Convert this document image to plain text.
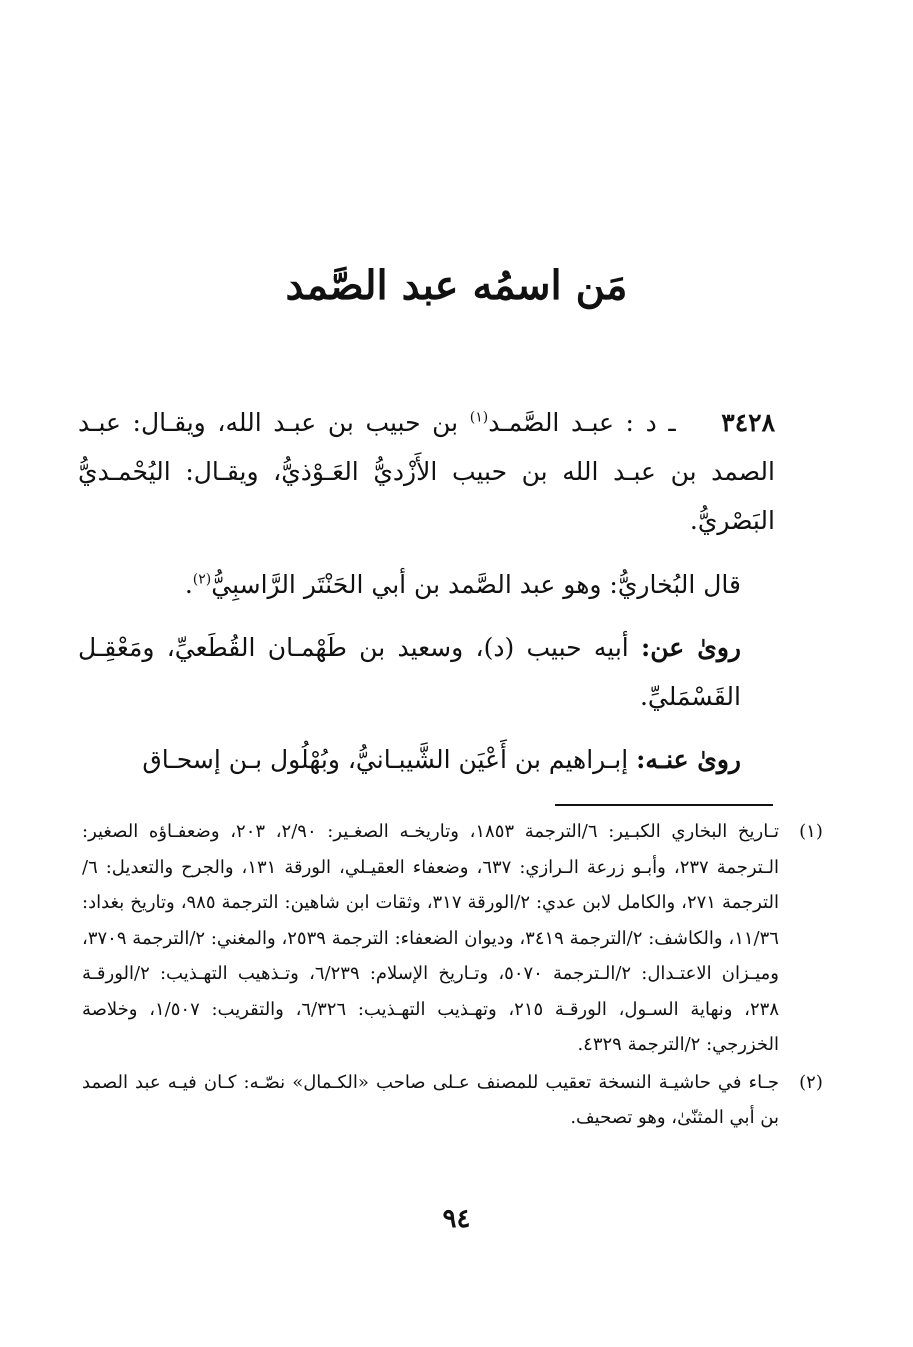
مَن اسمُه عبد الصَّمد

٣٤٢٨ ـ د : عبـد الصَّمـد$^{(١)}$ بن حبيب بن عبـد الله، ويقـال: عبـد الصمد بن عبـد الله بن حبيب الأَزْديُّ العَـوْذيُّ، ويقـال: اليُحْمـديُّ البَصْريُّ.

قال البُخاريُّ: وهو عبد الصَّمد بن أبي الحَنْتَر الرَّاسبِيُّ$^{(٢)}$.

روىٰ عن: أبيه حبيب (د)، وسعيد بن طَهْمـان القُطَعيِّ، ومَعْقِـل القَسْمَليِّ.

روىٰ عنـه: إبـراهيم بن أَعْيَن الشَّيبـانيُّ، وبُهْلُول بـن إسحـاق

(١)
تـاريخ البخاري الكبـير: ٦/الترجمة ١٨٥٣، وتاريخـه الصغـير: ٢/٩٠، ٢٠٣، وضعفـاؤه الصغير: الـترجمة ٢٣٧، وأبـو زرعة الـرازي: ٦٣٧، وضعفاء العقيـلي، الورقة ١٣١، والجرح والتعديل: ٦/الترجمة ٢٧١، والكامل لابن عدي: ٢/الورقة ٣١٧، وثقات ابن شاهين: الترجمة ٩٨٥، وتاريخ بغداد: ١١/٣٦، والكاشف: ٢/الترجمة ٣٤١٩، وديوان الضعفاء: الترجمة ٢٥٣٩، والمغني: ٢/الترجمة ٣٧٠٩، وميـزان الاعتـدال: ٢/الـترجمة ٥٠٧٠، وتـاريخ الإسلام: ٦/٢٣٩، وتـذهيب التهـذيب: ٢/الورقـة ٢٣٨، ونهاية السـول، الورقـة ٢١٥، وتهـذيب التهـذيب: ٦/٣٢٦، والتقريب: ١/٥٠٧، وخلاصة الخزرجي: ٢/الترجمة ٤٣٢٩.
(٢)
جـاء في حاشيـة النسخة تعقيب للمصنف عـلى صاحب «الكـمال» نصّـه: كـان فيـه عبد الصمد بن أبي المثنّىٰ، وهو تصحيف.
٩٤
